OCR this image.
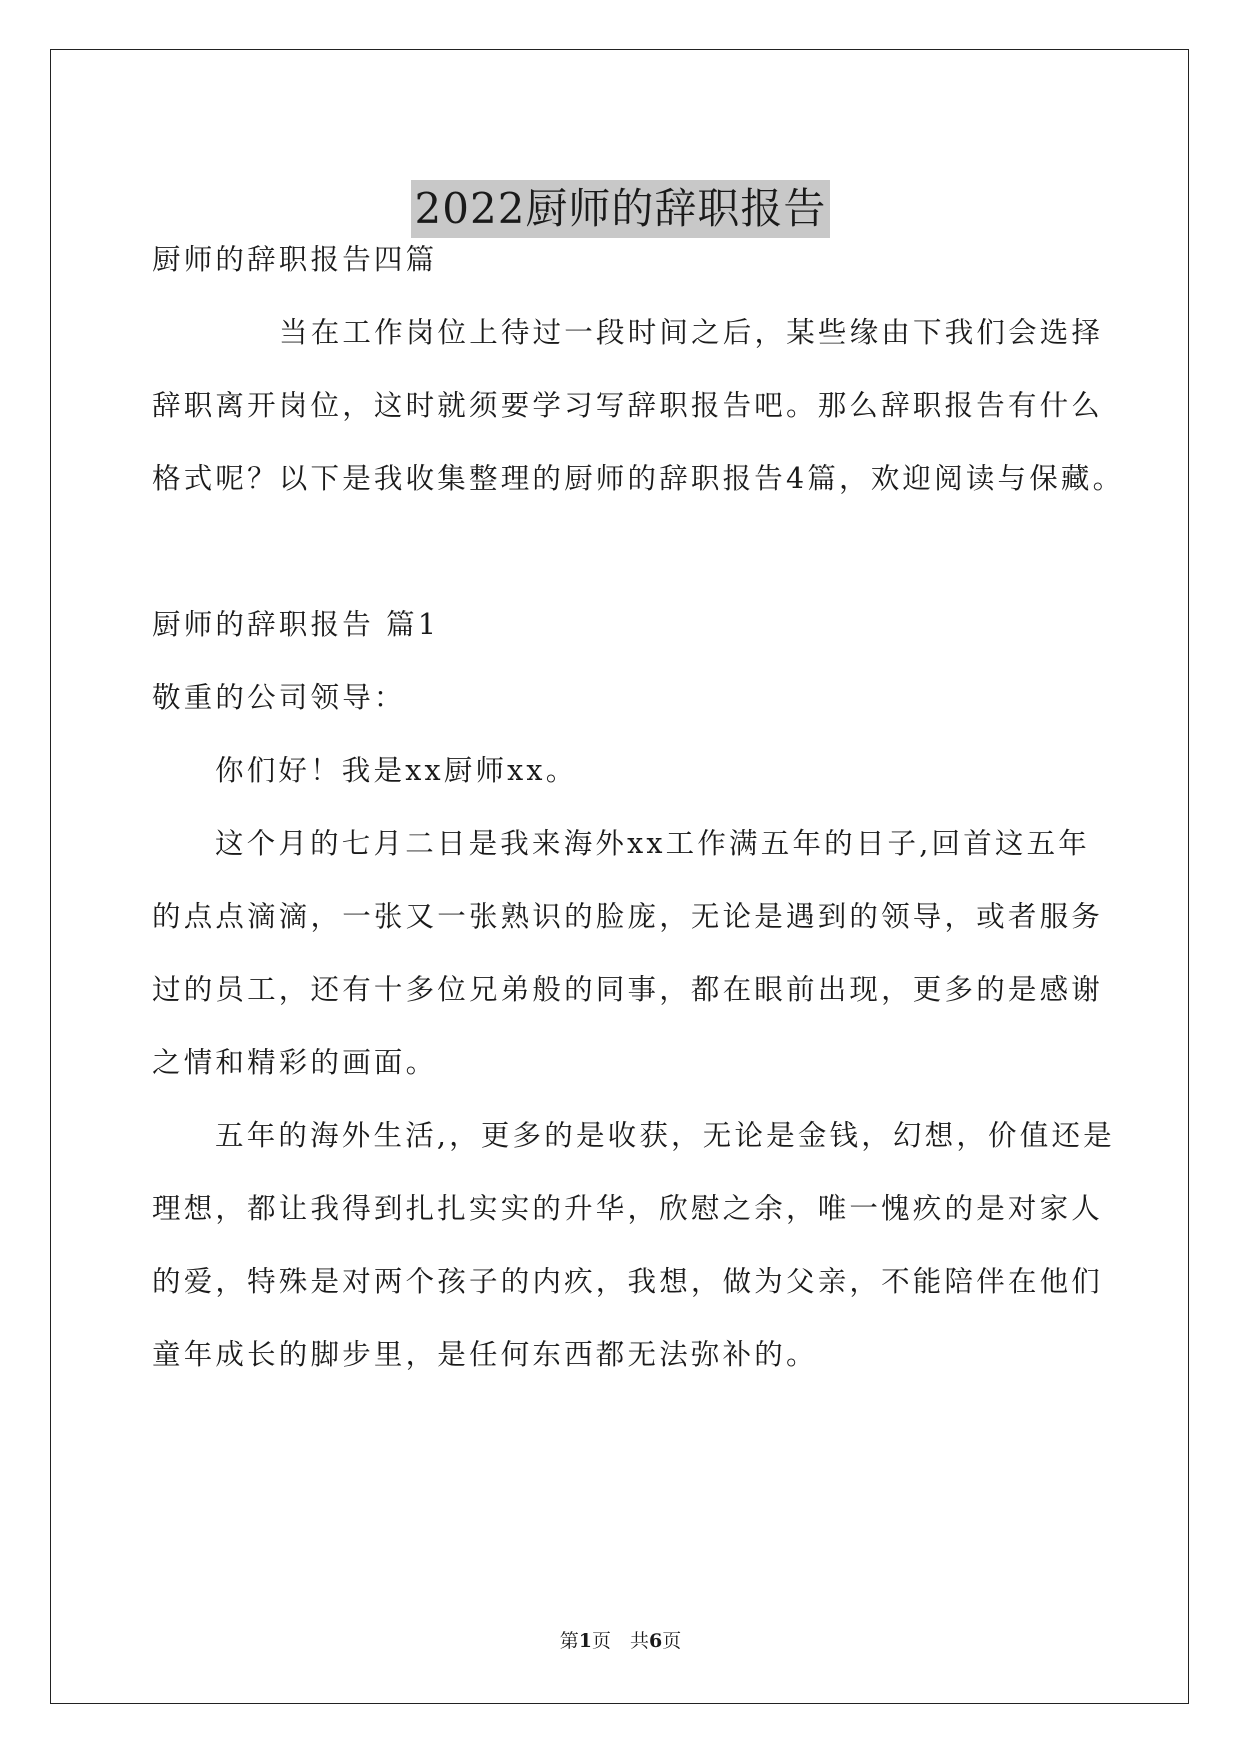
2022厨师的辞职报告
厨师的辞职报告四篇
当在工作岗位上待过一段时间之后，某些缘由下我们会选择
辞职离开岗位，这时就须要学习写辞职报告吧。那么辞职报告有什么
格式呢？以下是我收集整理的厨师的辞职报告4篇，欢迎阅读与保藏。
厨师的辞职报告 篇1
敬重的公司领导：
你们好！我是xx厨师xx。
这个月的七月二日是我来海外xx工作满五年的日子,回首这五年
的点点滴滴，一张又一张熟识的脸庞，无论是遇到的领导，或者服务
过的员工，还有十多位兄弟般的同事，都在眼前出现，更多的是感谢
之情和精彩的画面。
五年的海外生活,，更多的是收获，无论是金钱，幻想，价值还是
理想，都让我得到扎扎实实的升华，欣慰之余，唯一愧疚的是对家人
的爱，特殊是对两个孩子的内疚，我想，做为父亲，不能陪伴在他们
童年成长的脚步里，是任何东西都无法弥补的。
第1页　共6页
